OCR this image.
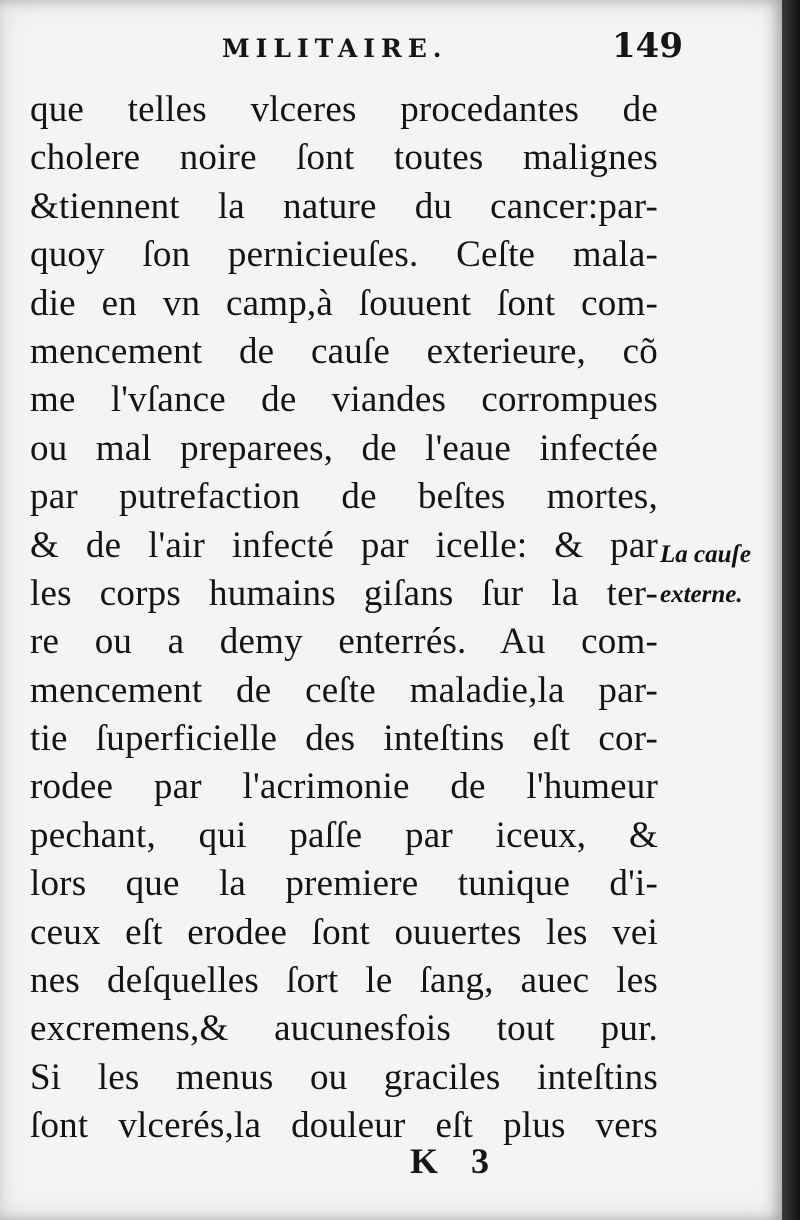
MILITAIRE.	149
que telles vlceres procedantes de
cholere noire ſont toutes malignes
&tiennent la nature du cancer:par-
quoy ſon pernicieuſes. Ceſte mala-
die en vn camp,à ſouuent ſont com-
mencement de cauſe exterieure, cõ
me l'vſance de viandes corrompues
ou mal preparees, de l'eaue infectée
par putrefaction de beſtes mortes,
& de l'air infecté par icelle: & par
les corps humains giſans ſur la ter-
re ou a demy enterrés. Au com-
mencement de ceſte maladie,la par-
tie ſuperficielle des inteſtins eſt cor-
rodee par l'acrimonie de l'humeur
pechant, qui paſſe par iceux, &
lors que la premiere tunique d'i-
ceux eſt erodee ſont ouuertes les vei
nes deſquelles ſort le ſang, auec les
excremens,& aucunesfois tout pur.
Si les menus ou graciles inteſtins
ſont vlcerés,la douleur eſt plus vers
La cauſe
externe.
K 3
